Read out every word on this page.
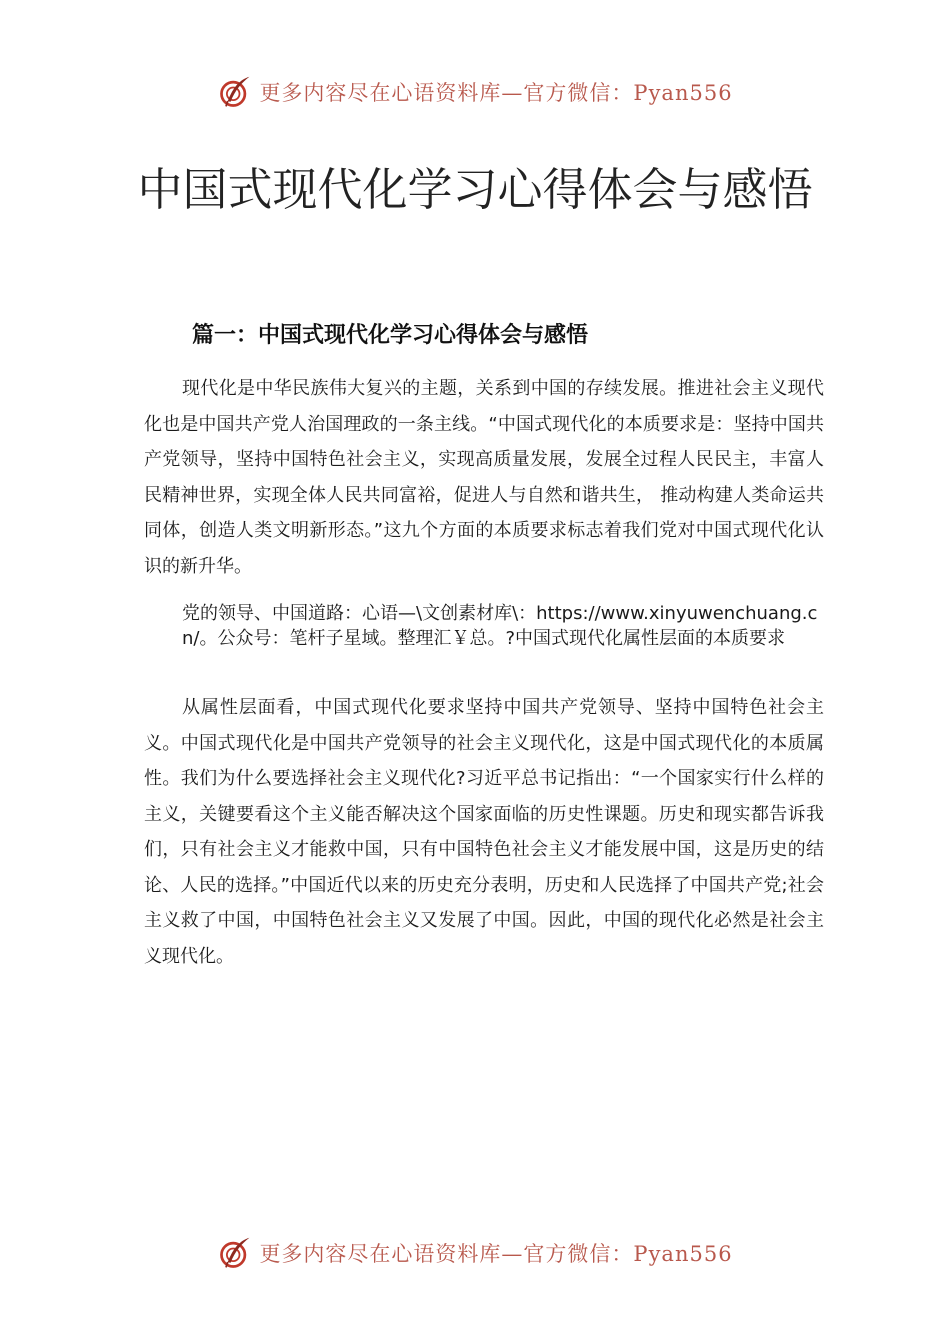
更多内容尽在心语资料库—官方微信：Pyan556
中国式现代化学习心得体会与感悟
篇一：中国式现代化学习心得体会与感悟

现代化是中华民族伟大复兴的主题，关系到中国的存续发展。推进社会主义现代化也是中国共产党人治国理政的一条主线。“中国式现代化的本质要求是：坚持中国共产党领导，坚持中国特色社会主义，实现高质量发展，发展全过程人民民主，丰富人民精神世界，实现全体人民共同富裕，促进人与自然和谐共生， 推动构建人类命运共同体，创造人类文明新形态。”这九个方面的本质要求标志着我们党对中国式现代化认识的新升华。

党的领导、中国道路：心语—\文创素材库\：https://www.xinyuwenchuang.cn/。公众号：笔杆子星域。整理汇￥总。?中国式现代化属性层面的本质要求

从属性层面看，中国式现代化要求坚持中国共产党领导、坚持中国特色社会主义。中国式现代化是中国共产党领导的社会主义现代化，这是中国式现代化的本质属性。我们为什么要选择社会主义现代化?习近平总书记指出：“一个国家实行什么样的主义，关键要看这个主义能否解决这个国家面临的历史性课题。历史和现实都告诉我们，只有社会主义才能救中国，只有中国特色社会主义才能发展中国，这是历史的结论、人民的选择。”中国近代以来的历史充分表明，历史和人民选择了中国共产党;社会主义救了中国，中国特色社会主义又发展了中国。因此，中国的现代化必然是社会主义现代化。

更多内容尽在心语资料库—官方微信：Pyan556
